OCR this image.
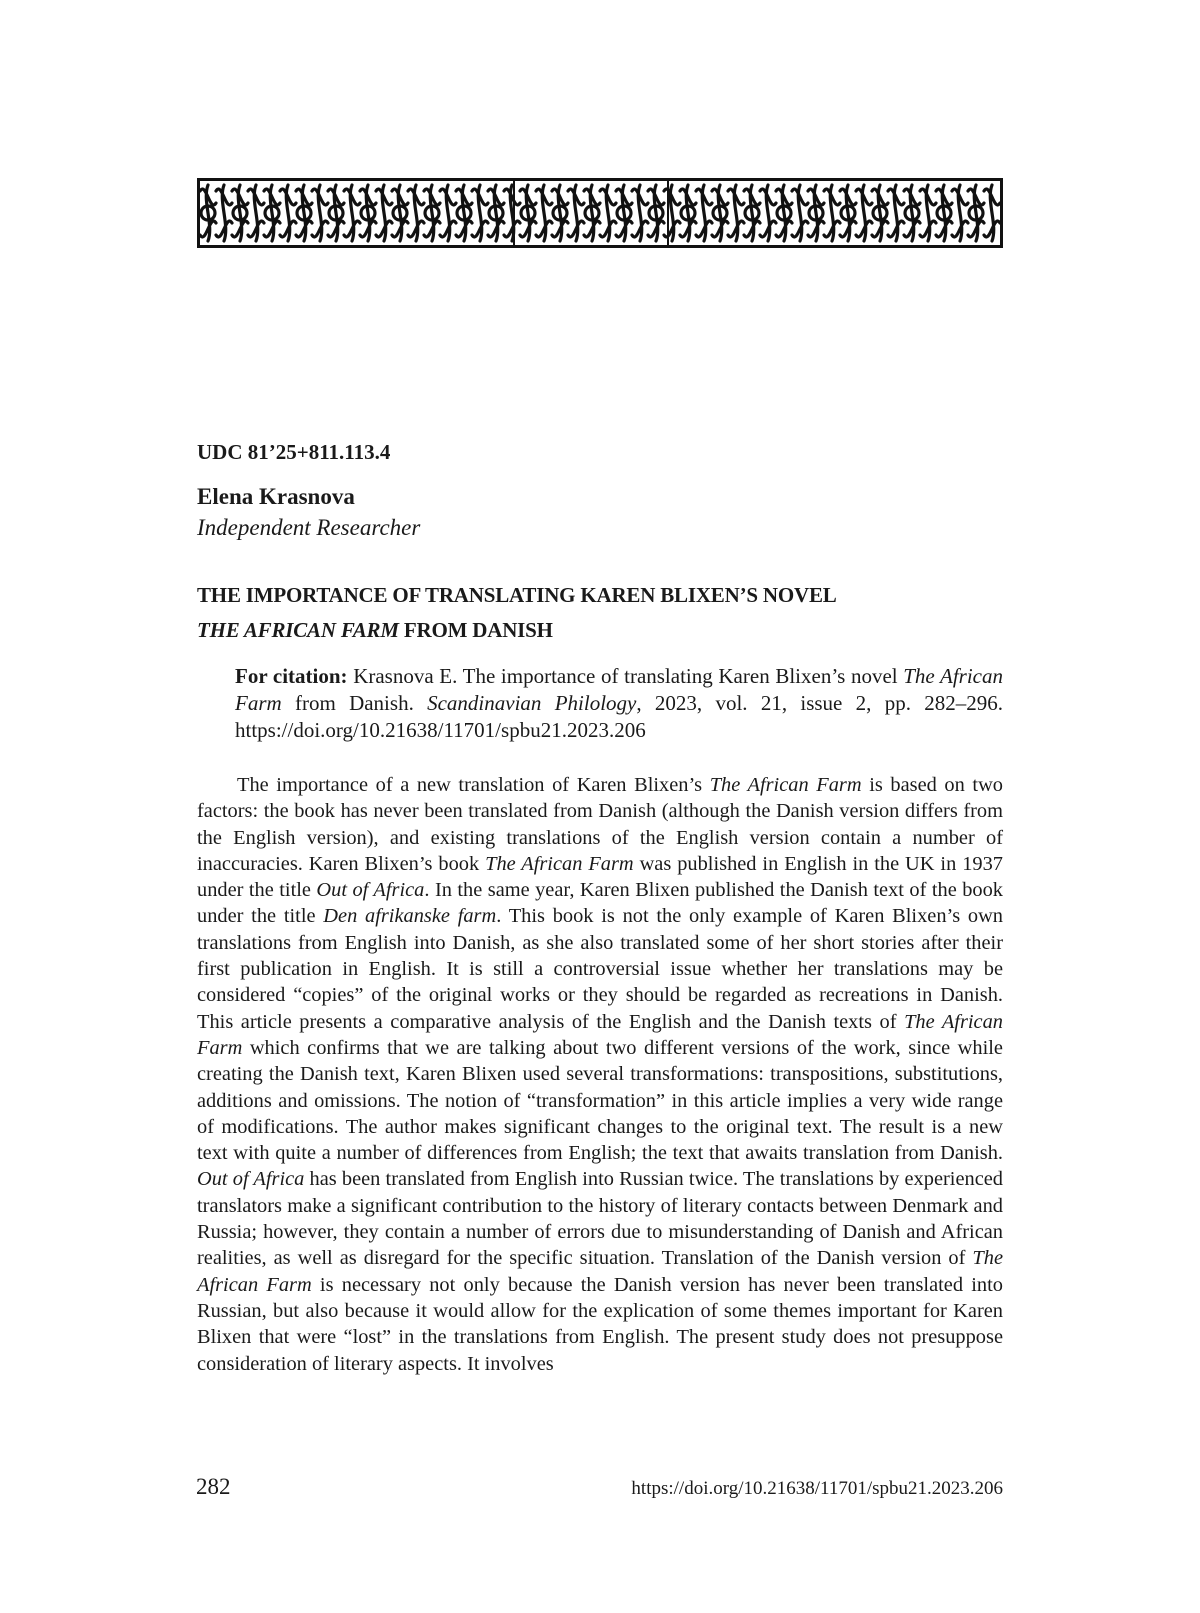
UDC 81’25+811.113.4
Elena Krasnova
Independent Researcher
THE IMPORTANCE OF TRANSLATING KAREN BLIXEN’S NOVEL
THE AFRICAN FARM FROM DANISH
For citation: Krasnova E. The importance of translating Karen Blixen’s novel The African Farm from Danish. Scandinavian Philology, 2023, vol. 21, issue 2, pp. 282–296. https://doi.org/10.21638/11701/spbu21.2023.206

The importance of a new translation of Karen Blixen’s The African Farm is based on two factors: the book has never been translated from Danish (although the Danish version differs from the English version), and existing translations of the English version contain a number of inaccuracies. Karen Blixen’s book The African Farm was published in English in the UK in 1937 under the title Out of Africa. In the same year, Karen Blixen published the Danish text of the book under the title Den afrikanske farm. This book is not the only example of Karen Blixen’s own translations from English into Danish, as she also translated some of her short stories after their first publication in English. It is still a controversial issue whether her translations may be considered “copies” of the original works or they should be regarded as recreations in Danish. This article presents a comparative analysis of the English and the Danish texts of The African Farm which confirms that we are talking about two different versions of the work, since while creating the Danish text, Karen Blixen used several transformations: transpositions, substitutions, additions and omissions. The notion of “transformation” in this article implies a very wide range of modifications. The author makes significant changes to the original text. The result is a new text with quite a number of differences from English; the text that awaits translation from Danish. Out of Africa has been translated from English into Russian twice. The translations by experienced translators make a significant contribution to the history of literary contacts between Denmark and Russia; however, they contain a number of errors due to misunderstanding of Danish and African realities, as well as disregard for the specific situation. Translation of the Danish version of The African Farm is necessary not only because the Danish version has never been translated into Russian, but also because it would allow for the explication of some themes important for Karen Blixen that were “lost” in the translations from English. The present study does not presuppose consideration of literary aspects. It involves

282	https://doi.org/10.21638/11701/spbu21.2023.206
